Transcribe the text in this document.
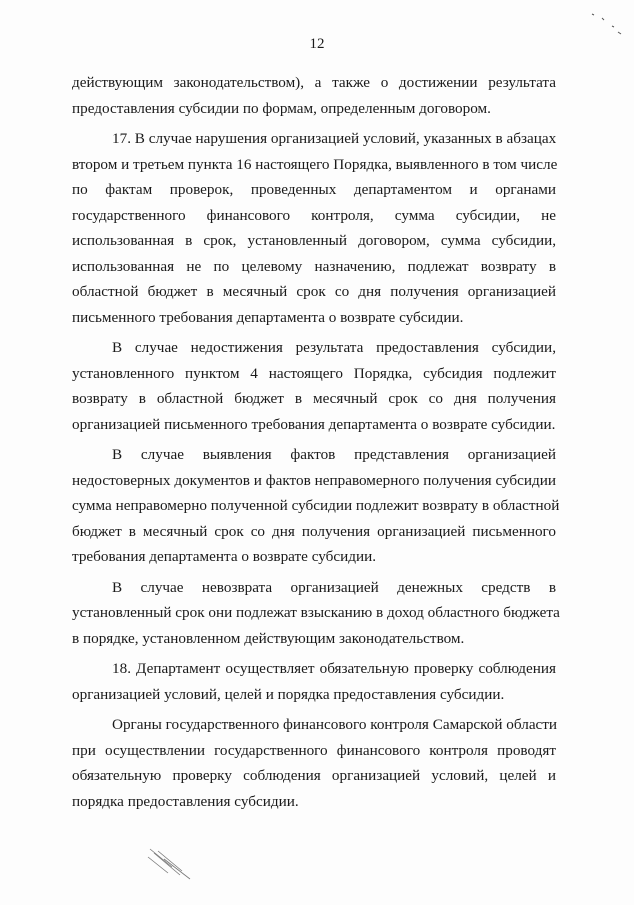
12

действующим законодательством), а также о достижении результата
предоставления субсидии по формам, определенным договором.

17. В случае нарушения организацией условий, указанных в абзацах
втором и третьем пункта 16 настоящего Порядка, выявленного в том числе
по фактам проверок, проведенных департаментом и органами
государственного финансового контроля, сумма субсидии, не
использованная в срок, установленный договором, сумма субсидии,
использованная не по целевому назначению, подлежат возврату в
областной бюджет в месячный срок со дня получения организацией
письменного требования департамента о возврате субсидии.

В случае недостижения результата предоставления субсидии,
установленного пунктом 4 настоящего Порядка, субсидия подлежит
возврату в областной бюджет в месячный срок со дня получения
организацией письменного требования департамента о возврате субсидии.

В случае выявления фактов представления организацией
недостоверных документов и фактов неправомерного получения субсидии
сумма неправомерно полученной субсидии подлежит возврату в областной
бюджет в месячный срок со дня получения организацией письменного
требования департамента о возврате субсидии.

В случае невозврата организацией денежных средств в
установленный срок они подлежат взысканию в доход областного бюджета
в порядке, установленном действующим законодательством.

18. Департамент осуществляет обязательную проверку соблюдения
организацией условий, целей и порядка предоставления субсидии.

Органы государственного финансового контроля Самарской области
при осуществлении государственного финансового контроля проводят
обязательную проверку соблюдения организацией условий, целей и
порядка предоставления субсидии.
